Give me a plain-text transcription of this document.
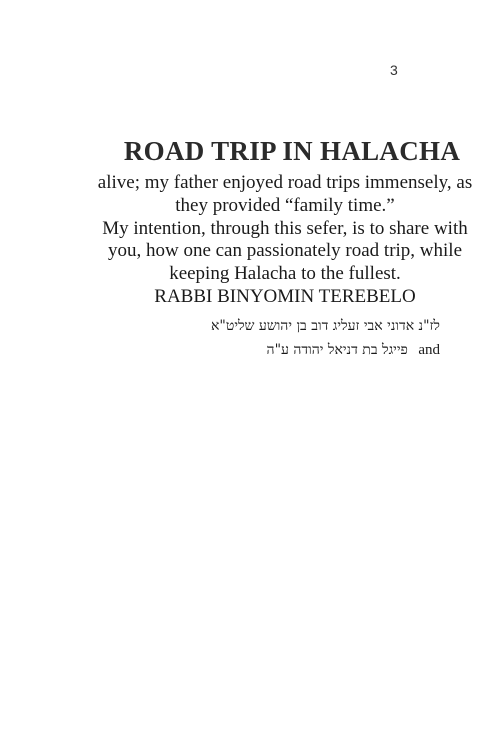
3
ROAD TRIP IN HALACHA
alive; my father enjoyed road trips immensely, as
they provided “family time.”
My intention, through this sefer, is to share with
you, how one can passionately road trip, while
keeping Halacha to the fullest.
RABBI BINYOMIN TEREBELO
לז"נ אדוני אבי זעליג דוב בן יהושע שליט"א
פייגל בת דניאל יהודה ע"ה and
